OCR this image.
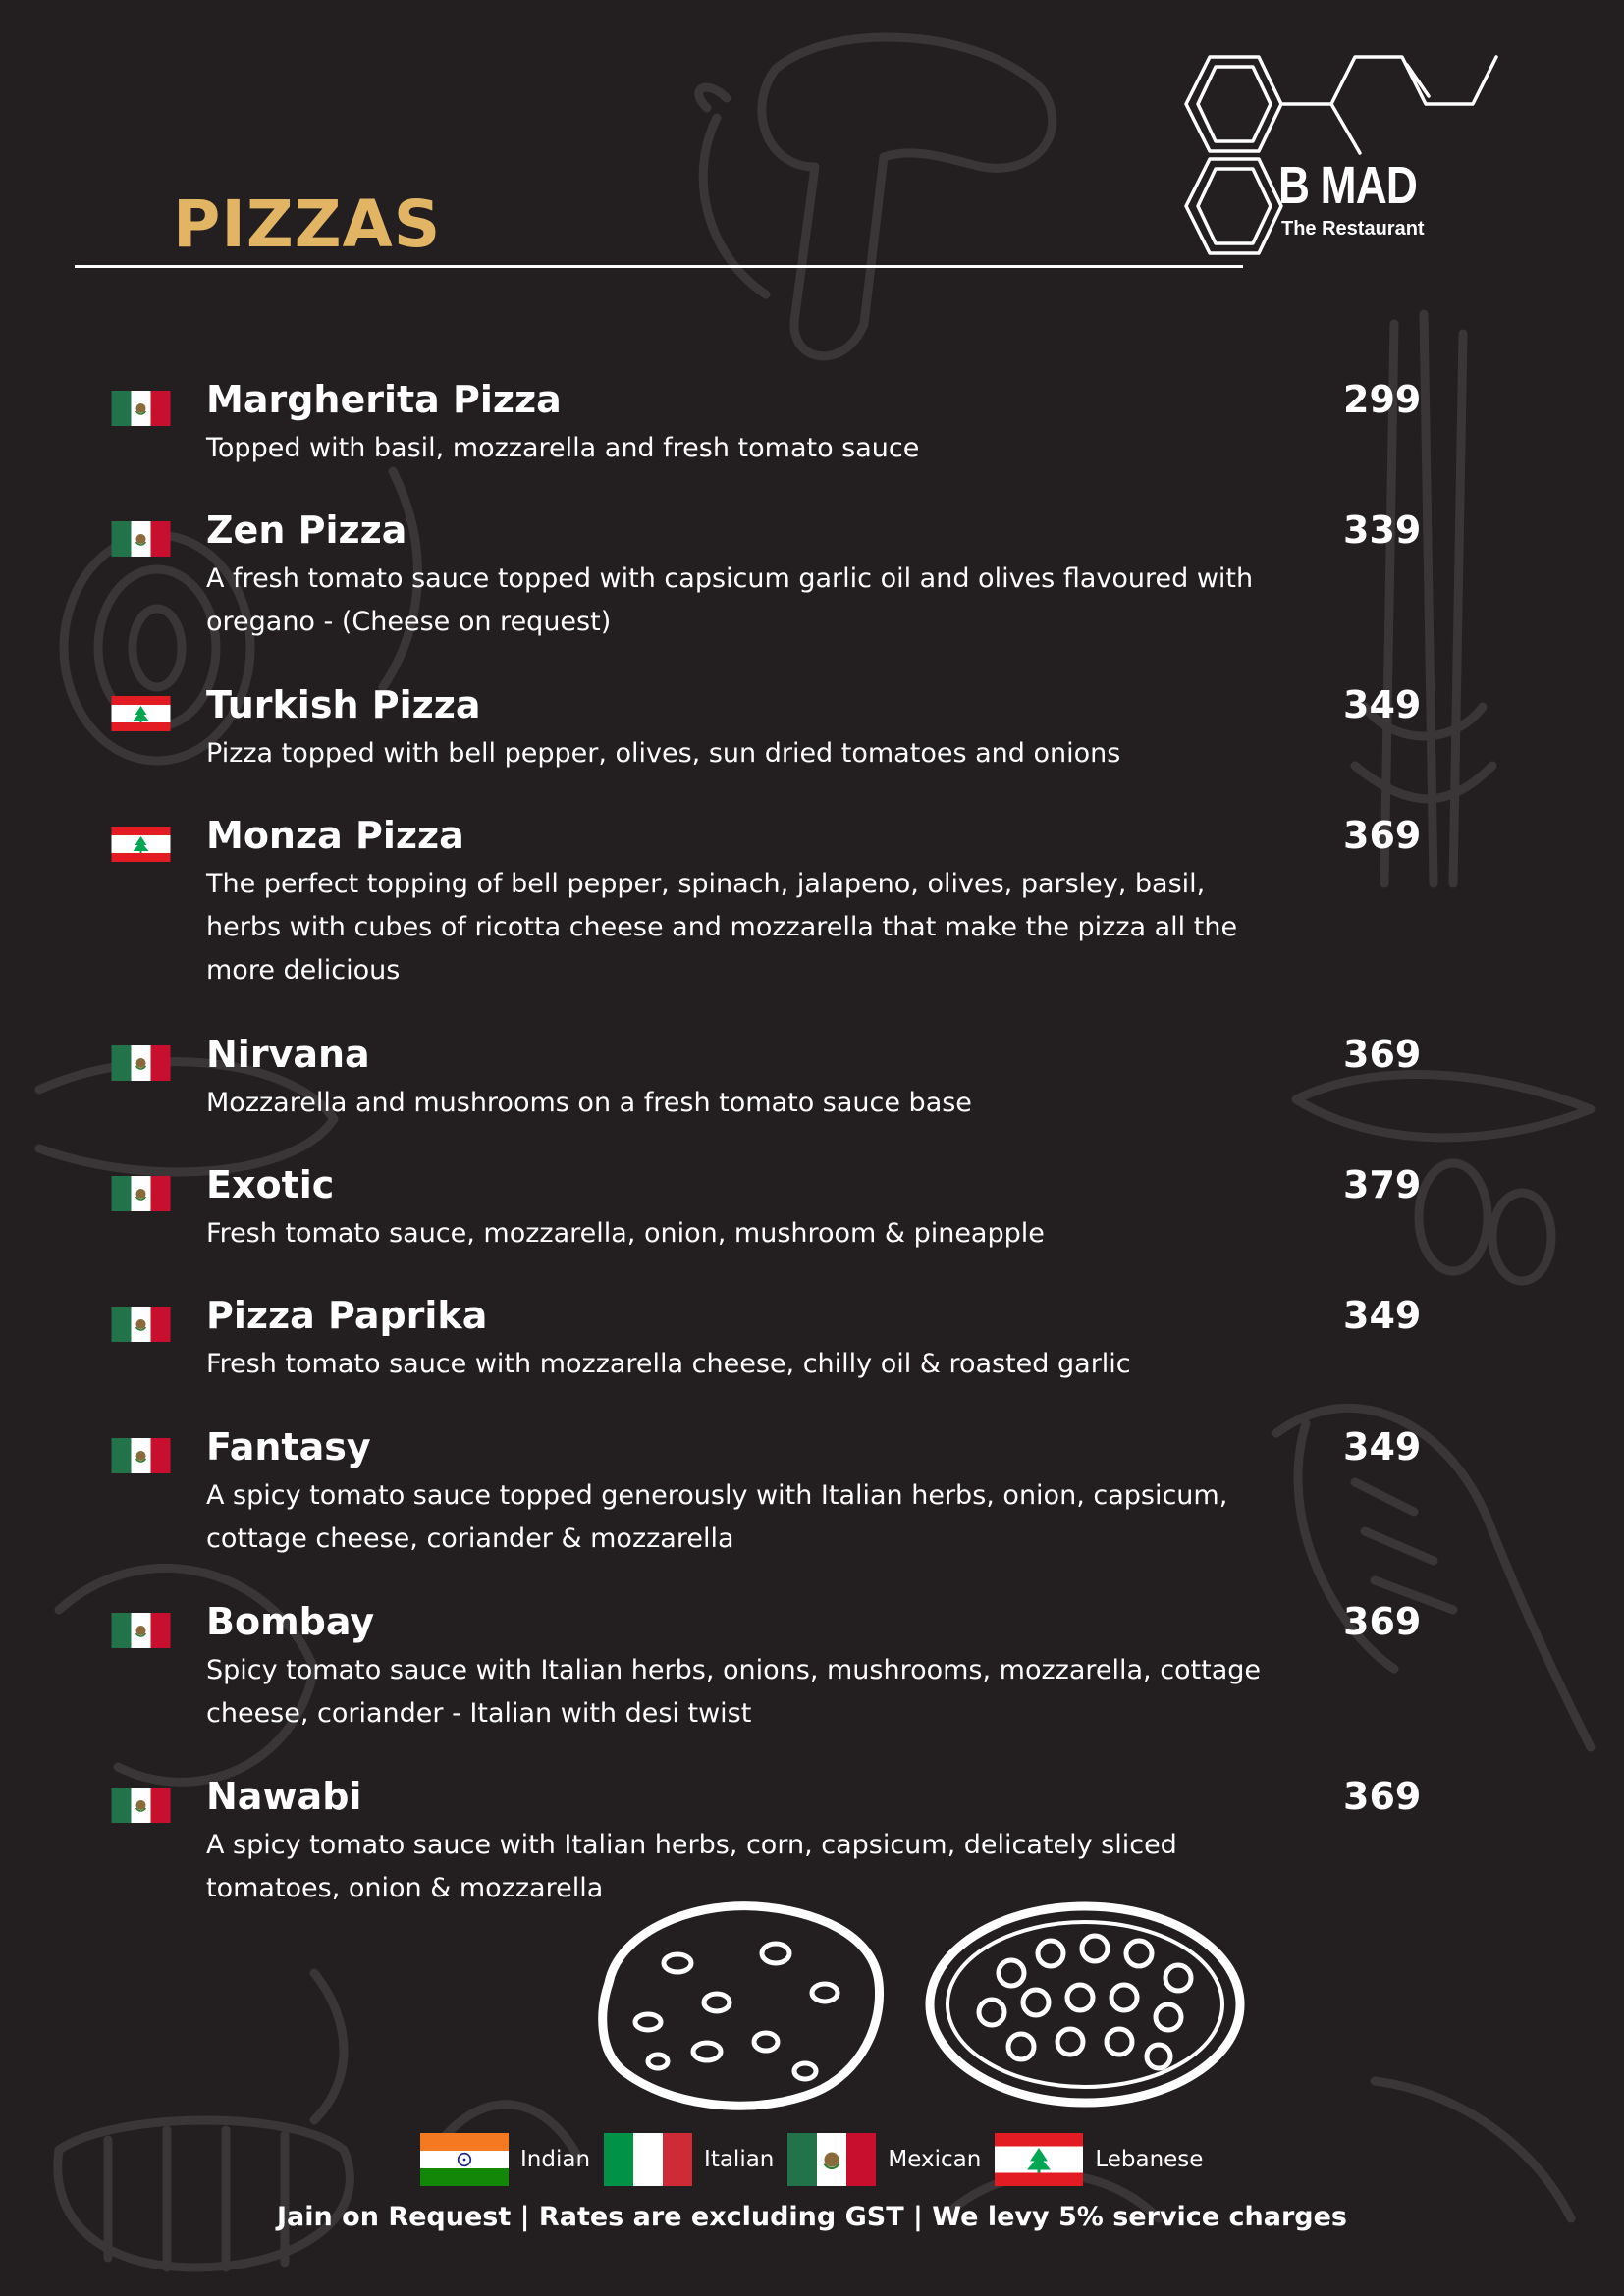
B MAD
The Restaurant
PIZZAS
Margherita Pizza	299
Topped with basil, mozzarella and fresh tomato sauce
Zen Pizza	339
A fresh tomato sauce topped with capsicum garlic oil and olives flavoured with oregano - (Cheese on request)
Turkish Pizza	349
Pizza topped with bell pepper, olives, sun dried tomatoes and onions
Monza Pizza	369
The perfect topping of bell pepper, spinach, jalapeno, olives, parsley, basil, herbs with cubes of ricotta cheese and mozzarella that make the pizza all the more delicious
Nirvana	369
Mozzarella and mushrooms on a fresh tomato sauce base
Exotic	379
Fresh tomato sauce, mozzarella, onion, mushroom & pineapple
Pizza Paprika	349
Fresh tomato sauce with mozzarella cheese, chilly oil & roasted garlic
Fantasy	349
A spicy tomato sauce topped generously with Italian herbs, onion, capsicum, cottage cheese, coriander & mozzarella
Bombay	369
Spicy tomato sauce with Italian herbs, onions, mushrooms, mozzarella, cottage cheese, coriander - Italian with desi twist
Nawabi	369
A spicy tomato sauce with Italian herbs, corn, capsicum, delicately sliced tomatoes, onion & mozzarella
Indian	Italian	Mexican	Lebanese
Jain on Request | Rates are excluding GST | We levy 5% service charges
